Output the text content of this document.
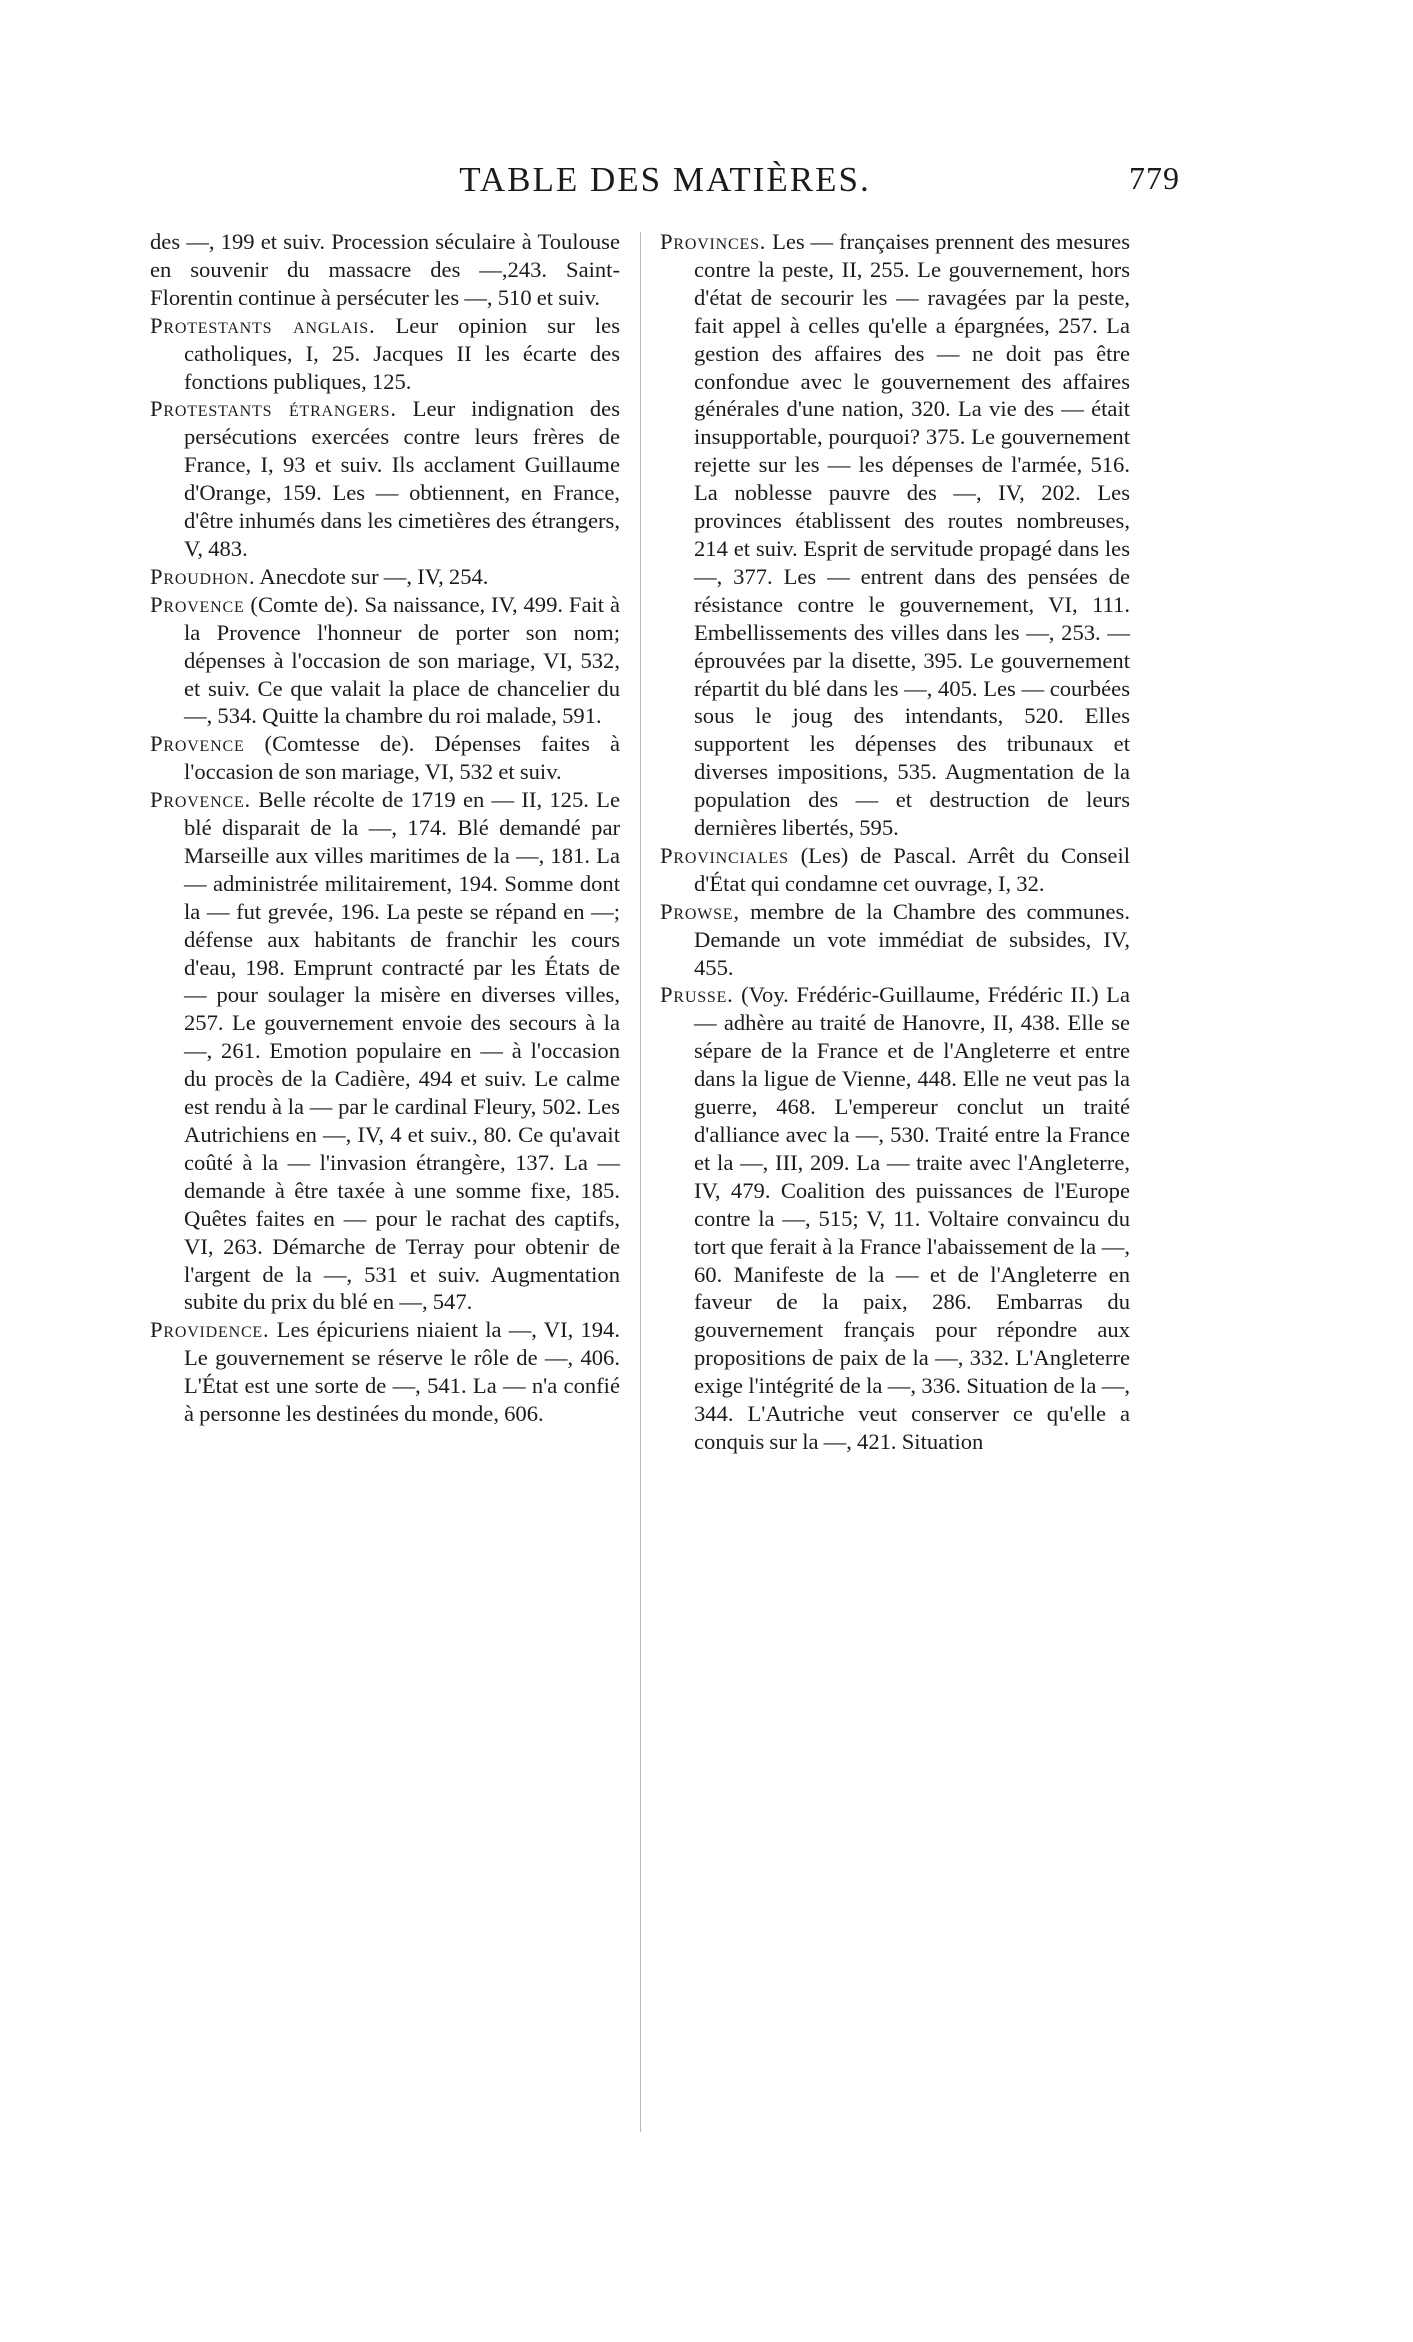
TABLE DES MATIÈRES.	779

des —, 199 et suiv. Procession séculaire à Toulouse en souvenir du massacre des —,243. Saint-Florentin continue à persécuter les —, 510 et suiv.

Protestants anglais. Leur opinion sur les catholiques, I, 25. Jacques II les écarte des fonctions publiques, 125.

Protestants étrangers. Leur indignation des persécutions exercées contre leurs frères de France, I, 93 et suiv. Ils acclament Guillaume d'Orange, 159. Les — obtiennent, en France, d'être inhumés dans les cimetières des étrangers, V, 483.

Proudhon. Anecdote sur —, IV, 254.

Provence (Comte de). Sa naissance, IV, 499. Fait à la Provence l'honneur de porter son nom; dépenses à l'occasion de son mariage, VI, 532, et suiv. Ce que valait la place de chancelier du —, 534. Quitte la chambre du roi malade, 591.

Provence (Comtesse de). Dépenses faites à l'occasion de son mariage, VI, 532 et suiv.

Provence. Belle récolte de 1719 en — II, 125. Le blé disparait de la —, 174. Blé demandé par Marseille aux villes maritimes de la —, 181. La — administrée militairement, 194. Somme dont la — fut grevée, 196. La peste se répand en —; défense aux habitants de franchir les cours d'eau, 198. Emprunt contracté par les États de — pour soulager la misère en diverses villes, 257. Le gouvernement envoie des secours à la —, 261. Emotion populaire en — à l'occasion du procès de la Cadière, 494 et suiv. Le calme est rendu à la — par le cardinal Fleury, 502. Les Autrichiens en —, IV, 4 et suiv., 80. Ce qu'avait coûté à la — l'invasion étrangère, 137. La — demande à être taxée à une somme fixe, 185. Quêtes faites en — pour le rachat des captifs, VI, 263. Démarche de Terray pour obtenir de l'argent de la —, 531 et suiv. Augmentation subite du prix du blé en —, 547.

Providence. Les épicuriens niaient la —, VI, 194. Le gouvernement se réserve le rôle de —, 406. L'État est une sorte de —, 541. La — n'a confié à personne les destinées du monde, 606.

Provinces. Les — françaises prennent des mesures contre la peste, II, 255. Le gouvernement, hors d'état de secourir les — ravagées par la peste, fait appel à celles qu'elle a épargnées, 257. La gestion des affaires des — ne doit pas être confondue avec le gouvernement des affaires générales d'une nation, 320. La vie des — était insupportable, pourquoi? 375. Le gouvernement rejette sur les — les dépenses de l'armée, 516. La noblesse pauvre des —, IV, 202. Les provinces établissent des routes nombreuses, 214 et suiv. Esprit de servitude propagé dans les —, 377. Les — entrent dans des pensées de résistance contre le gouvernement, VI, 111. Embellissements des villes dans les —, 253. — éprouvées par la disette, 395. Le gouvernement répartit du blé dans les —, 405. Les — courbées sous le joug des intendants, 520. Elles supportent les dépenses des tribunaux et diverses impositions, 535. Augmentation de la population des — et destruction de leurs dernières libertés, 595.

Provinciales (Les) de Pascal. Arrêt du Conseil d'État qui condamne cet ouvrage, I, 32.

Prowse, membre de la Chambre des communes. Demande un vote immédiat de subsides, IV, 455.

Prusse. (Voy. Frédéric-Guillaume, Frédéric II.) La — adhère au traité de Hanovre, II, 438. Elle se sépare de la France et de l'Angleterre et entre dans la ligue de Vienne, 448. Elle ne veut pas la guerre, 468. L'empereur conclut un traité d'alliance avec la —, 530. Traité entre la France et la —, III, 209. La — traite avec l'Angleterre, IV, 479. Coalition des puissances de l'Europe contre la —, 515; V, 11. Voltaire convaincu du tort que ferait à la France l'abaissement de la —, 60. Manifeste de la — et de l'Angleterre en faveur de la paix, 286. Embarras du gouvernement français pour répondre aux propositions de paix de la —, 332. L'Angleterre exige l'intégrité de la —, 336. Situation de la —, 344. L'Autriche veut conserver ce qu'elle a conquis sur la —, 421. Situation
